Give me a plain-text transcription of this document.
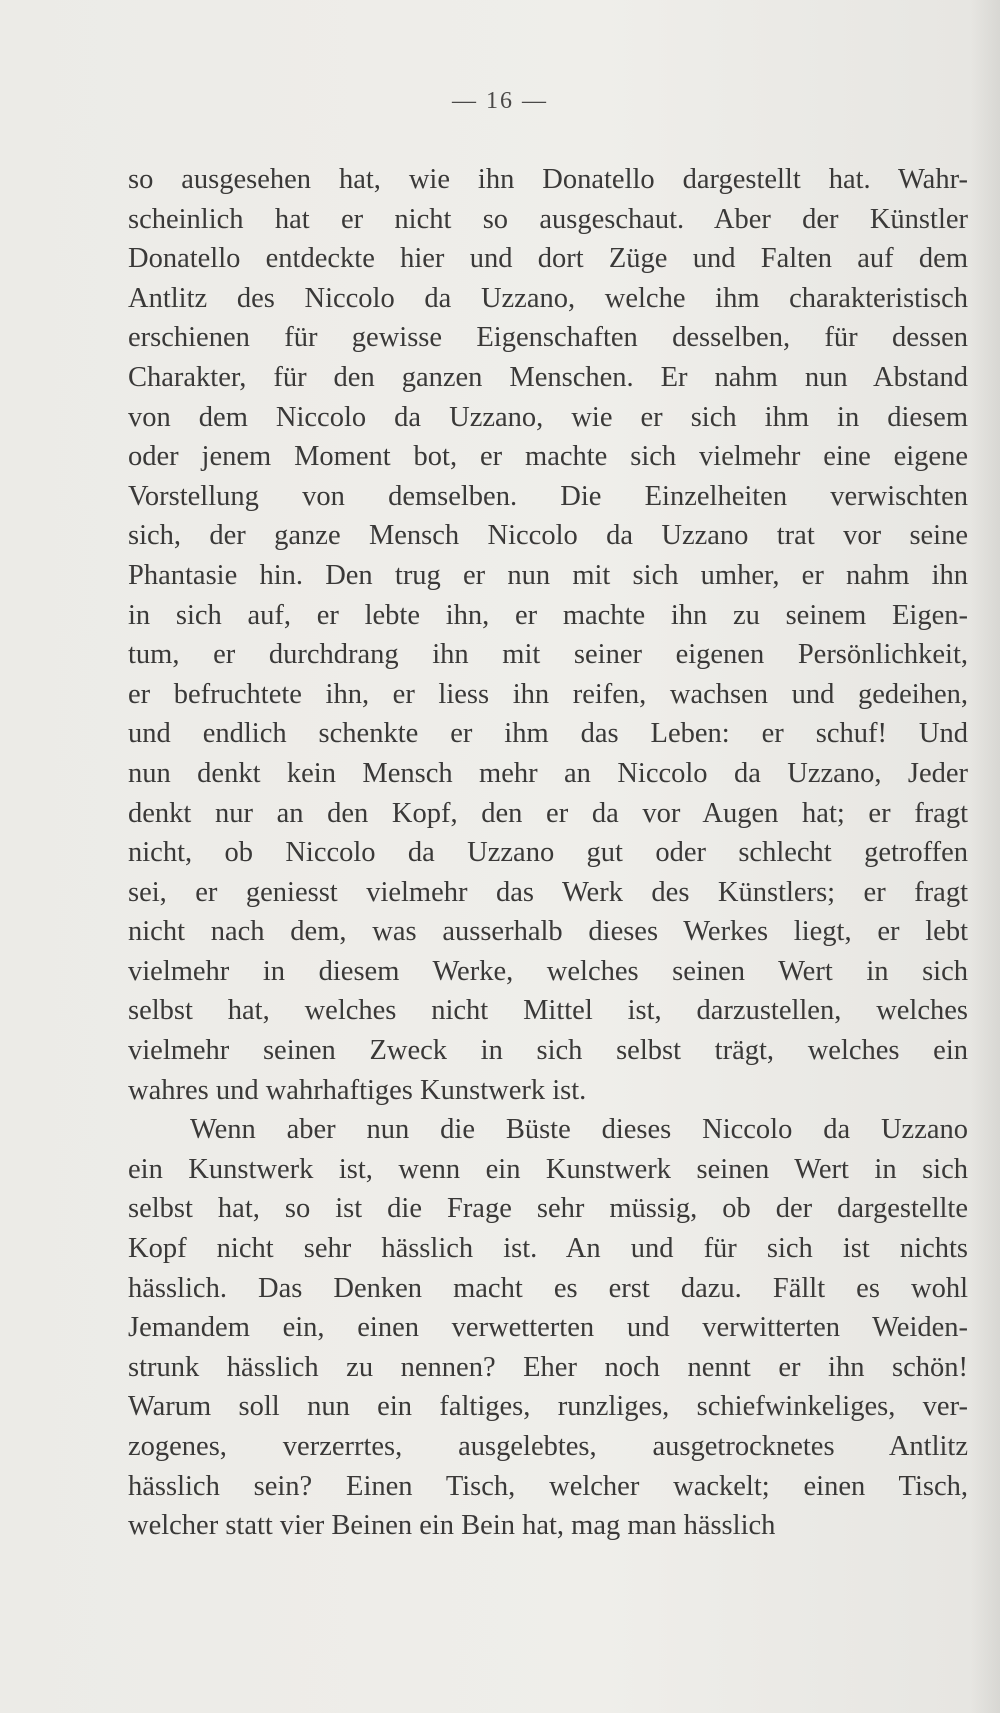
— 16 —
so ausgesehen hat, wie ihn Donatello dargestellt hat. Wahr-
scheinlich hat er nicht so ausgeschaut. Aber der Künstler
Donatello entdeckte hier und dort Züge und Falten auf dem
Antlitz des Niccolo da Uzzano, welche ihm charakteristisch
erschienen für gewisse Eigenschaften desselben, für dessen
Charakter, für den ganzen Menschen. Er nahm nun Abstand
von dem Niccolo da Uzzano, wie er sich ihm in diesem
oder jenem Moment bot, er machte sich vielmehr eine eigene
Vorstellung von demselben. Die Einzelheiten verwischten
sich, der ganze Mensch Niccolo da Uzzano trat vor seine
Phantasie hin. Den trug er nun mit sich umher, er nahm ihn
in sich auf, er lebte ihn, er machte ihn zu seinem Eigen-
tum, er durchdrang ihn mit seiner eigenen Persönlichkeit,
er befruchtete ihn, er liess ihn reifen, wachsen und gedeihen,
und endlich schenkte er ihm das Leben: er schuf! Und
nun denkt kein Mensch mehr an Niccolo da Uzzano, Jeder
denkt nur an den Kopf, den er da vor Augen hat; er fragt
nicht, ob Niccolo da Uzzano gut oder schlecht getroffen
sei, er geniesst vielmehr das Werk des Künstlers; er fragt
nicht nach dem, was ausserhalb dieses Werkes liegt, er lebt
vielmehr in diesem Werke, welches seinen Wert in sich
selbst hat, welches nicht Mittel ist, darzustellen, welches
vielmehr seinen Zweck in sich selbst trägt, welches ein
wahres und wahrhaftiges Kunstwerk ist.
Wenn aber nun die Büste dieses Niccolo da Uzzano
ein Kunstwerk ist, wenn ein Kunstwerk seinen Wert in sich
selbst hat, so ist die Frage sehr müssig, ob der dargestellte
Kopf nicht sehr hässlich ist. An und für sich ist nichts
hässlich. Das Denken macht es erst dazu. Fällt es wohl
Jemandem ein, einen verwetterten und verwitterten Weiden-
strunk hässlich zu nennen? Eher noch nennt er ihn schön!
Warum soll nun ein faltiges, runzliges, schiefwinkeliges, ver-
zogenes, verzerrtes, ausgelebtes, ausgetrocknetes Antlitz
hässlich sein? Einen Tisch, welcher wackelt; einen Tisch,
welcher statt vier Beinen ein Bein hat, mag man hässlich
